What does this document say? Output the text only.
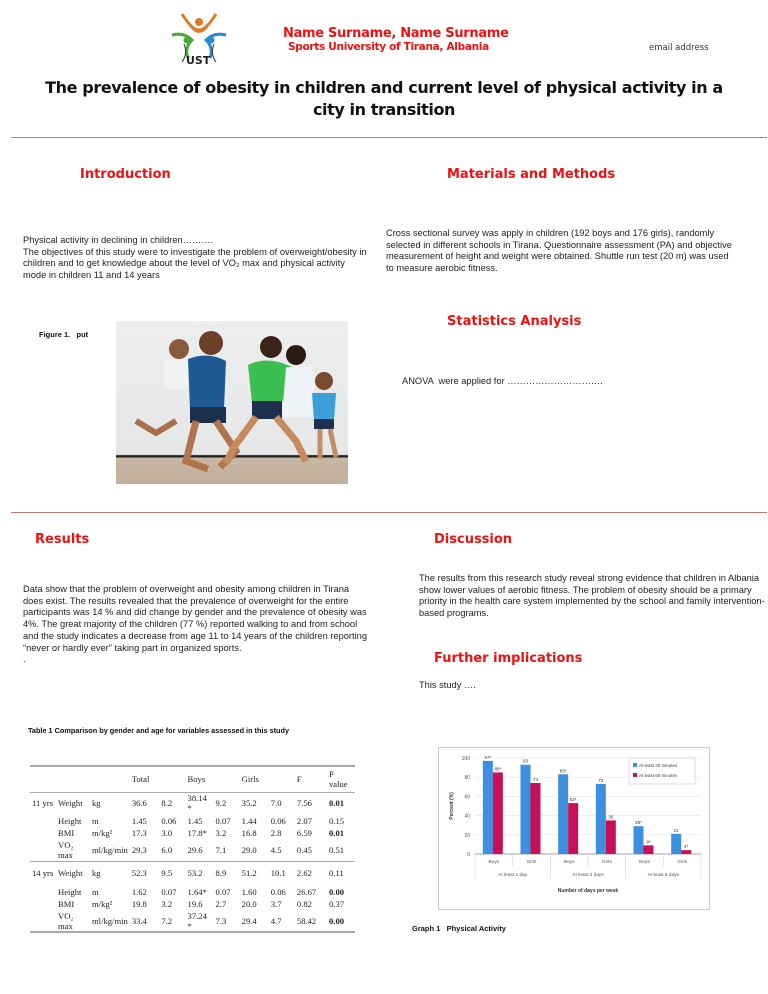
UST
Name Surname, Name Surname
Sports University of Tirana, Albania	email address
The prevalence of obesity in children and current level of physical activity in a city in transition
Introduction
Physical activity in declining in children……….
The objectives of this study were to investigate the problem of overweight/obesity in children and to get knowledge about the level of VO₂ max and physical activity mode in children 11 and 14 years
Figure 1.   put
Materials and Methods
Cross sectional survey was apply in children (192 boys and 176 girls), randomly selected in different schools in Tirana. Questionnaire assessment (PA) and objective measurement of height and weight were obtained. Shuttle run test (20 m) was used to measure aerobic fitness.
Statistics Analysis
ANOVA  were applied for ………………………….
Results
Data show that the problem of overweight and obesity among children in Tirana does exist. The results revealed that the prevalence of overweight for the entire participants was 14 % and did change by gender and the prevalence of obesity was 4%. The great majority of the children (77 %) reported walking to and from school and the study indicates a decrease from age 11 to 14 years of the children reporting “never or hardly ever” taking part in organized sports.
.
Discussion
The results from this research study reveal strong evidence that children in Albania show lower values of aerobic fitness. The problem of obesity should be a primary priority in the health care system implemented by the school and family intervention-based programs.
Further implications
This study ….
Table 1 Comparison by gender and age for variables assessed in this study
			Total		Boys		Girls		F	P value
11 yrs	Weight	kg	36.6	8.2	38.14 *	9.2	35.2	7.0	7.56	0.01
	Height	m	1.45	0.06	1.45	0.07	1.44	0.06	2.07	0.15
	BMI	m/kg²	17.3	3.0	17.8*	3.2	16.8	2.8	6.59	0.01
	VO₂ max	ml/kg/min	29.3	6.0	29.6	7.1	29.0	4.5	0.45	0.51
14 yrs	Weight	kg	52.3	9.5	53.2	8.9	51.2	10.1	2.62	0.11
	Height	m	1.62	0.07	1.64*	0.07	1.60	0.06	26.67	0.00
	BMI	m/kg²	19.8	3.2	19.6	2.7	20.0	3.7	0.82	0.37
	VO₂ max	ml/kg/min	33.4	7.2	37.24 *	7.3	29.4	4.7	58.42	0.00
0
20
40
60
80
100
Percent (%)
97*
85*
Boys
93
74
Girls
83*
53*
Boys
73
35
Girls
29*
9*
Boys
21
4*
Girls
At least 1 day	At least 3 days	At least 6 days
Number of days per week
At least 30 minutes
At least 60 minutes
Graph 1   Physical Activity
